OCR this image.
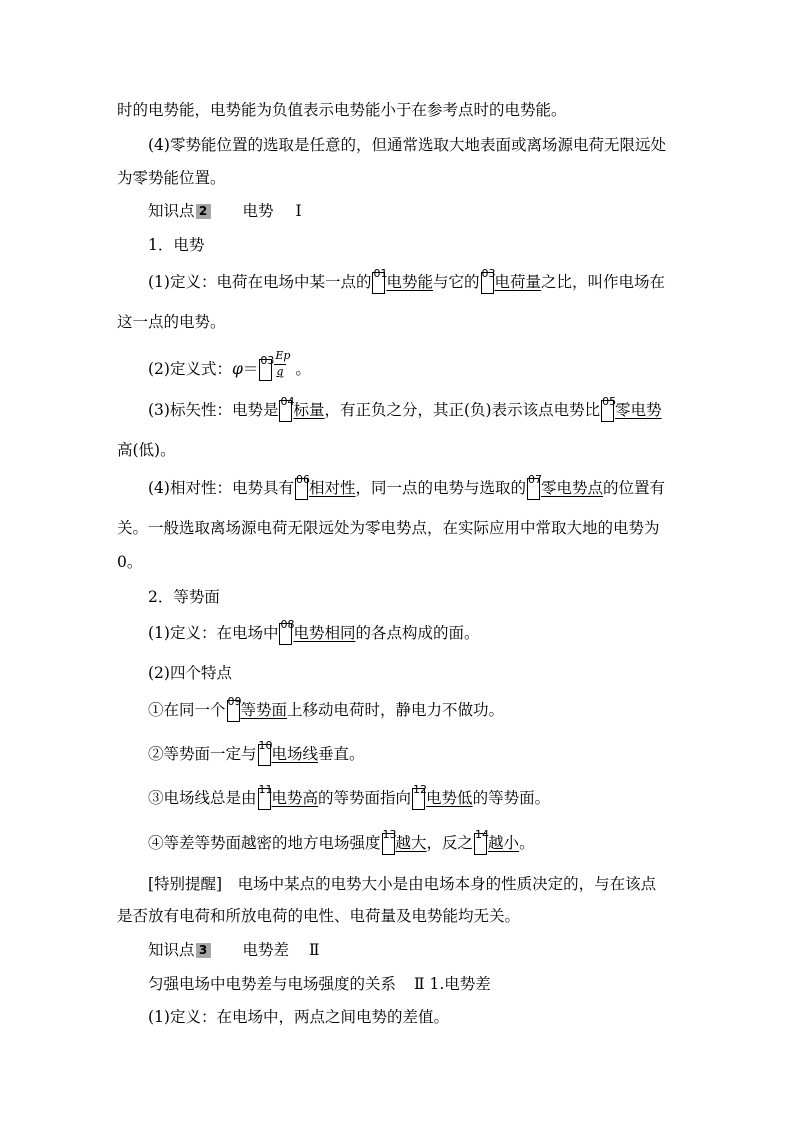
时的电势能，电势能为负值表示电势能小于在参考点时的电势能。
(4)零势能位置的选取是任意的，但通常选取大地表面或离场源电荷无限远处
为零势能位置。
知识点 2 电势 Ⅰ
1．电势
(1)定义：电荷在电场中某一点的 01 电势能与它的 03 电荷量之比，叫作电场在
这一点的电势。
(2)定义式：$\varphi= 03 \frac{Ep}{q}$ 。
(3)标矢性：电势是 04 标量，有正负之分，其正(负)表示该点电势比 05 零电势
高(低)。
(4)相对性：电势具有 06 相对性，同一点的电势与选取的 07 零电势点的位置有
关。一般选取离场源电荷无限远处为零电势点，在实际应用中常取大地的电势为
0。
2．等势面
(1)定义：在电场中 08 电势相同的各点构成的面。
(2)四个特点
①在同一个 09 等势面上移动电荷时，静电力不做功。
②等势面一定与 10 电场线垂直。
③电场线总是由 11 电势高的等势面指向 12 电势低的等势面。
④等差等势面越密的地方电场强度 13 越大，反之 14 越小。
[特别提醒]　电场中某点的电势大小是由电场本身的性质决定的，与在该点
是否放有电荷和所放电荷的电性、电荷量及电势能均无关。
知识点 3 电势差 Ⅱ
匀强电场中电势差与电场强度的关系 Ⅱ 1.电势差
(1)定义：在电场中，两点之间电势的差值。
